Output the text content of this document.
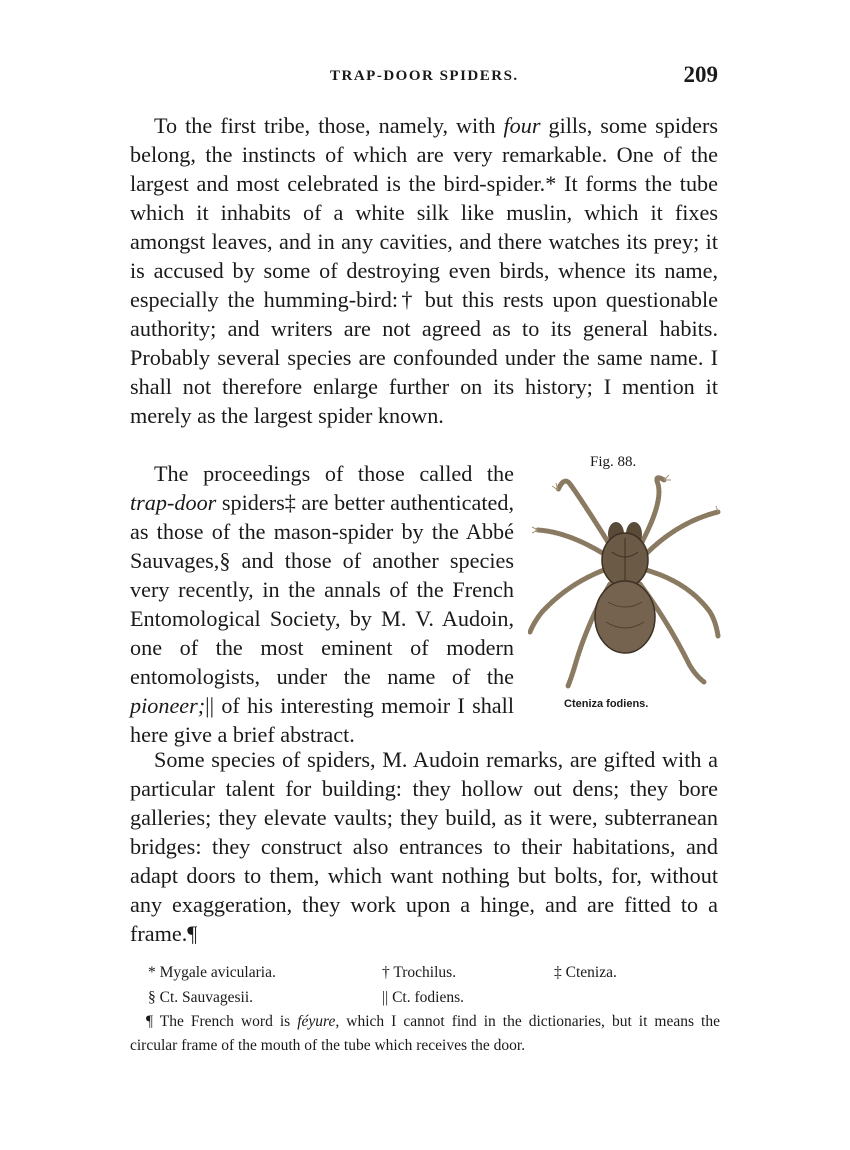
TRAP-DOOR SPIDERS.	209
To the first tribe, those, namely, with four gills, some spiders belong, the instincts of which are very remarkable. One of the largest and most celebrated is the bird-spider.* It forms the tube which it inhabits of a white silk like muslin, which it fixes amongst leaves, and in any cavities, and there watches its prey; it is accused by some of destroying even birds, whence its name, especially the humming-bird:† but this rests upon questionable authority; and writers are not agreed as to its general habits. Probably several species are confounded under the same name. I shall not therefore enlarge further on its history; I mention it merely as the largest spider known.
Fig. 88.
Cteniza fodiens.
The proceedings of those called the trap-door spiders‡ are better authenticated, as those of the mason-spider by the Abbé Sauvages,§ and those of another species very recently, in the annals of the French Entomological Society, by M. V. Audoin, one of the most eminent of modern entomologists, under the name of the pioneer;|| of his interesting memoir I shall here give a brief abstract.
Some species of spiders, M. Audoin remarks, are gifted with a particular talent for building: they hollow out dens; they bore galleries; they elevate vaults; they build, as it were, subterranean bridges: they construct also entrances to their habitations, and adapt doors to them, which want nothing but bolts, for, without any exaggeration, they work upon a hinge, and are fitted to a frame.¶
* Mygale avicularia.	† Trochilus.	‡ Cteniza.
§ Ct. Sauvagesii.	|| Ct. fodiens.
¶ The French word is féyure, which I cannot find in the dictionaries, but it means the circular frame of the mouth of the tube which receives the door.
